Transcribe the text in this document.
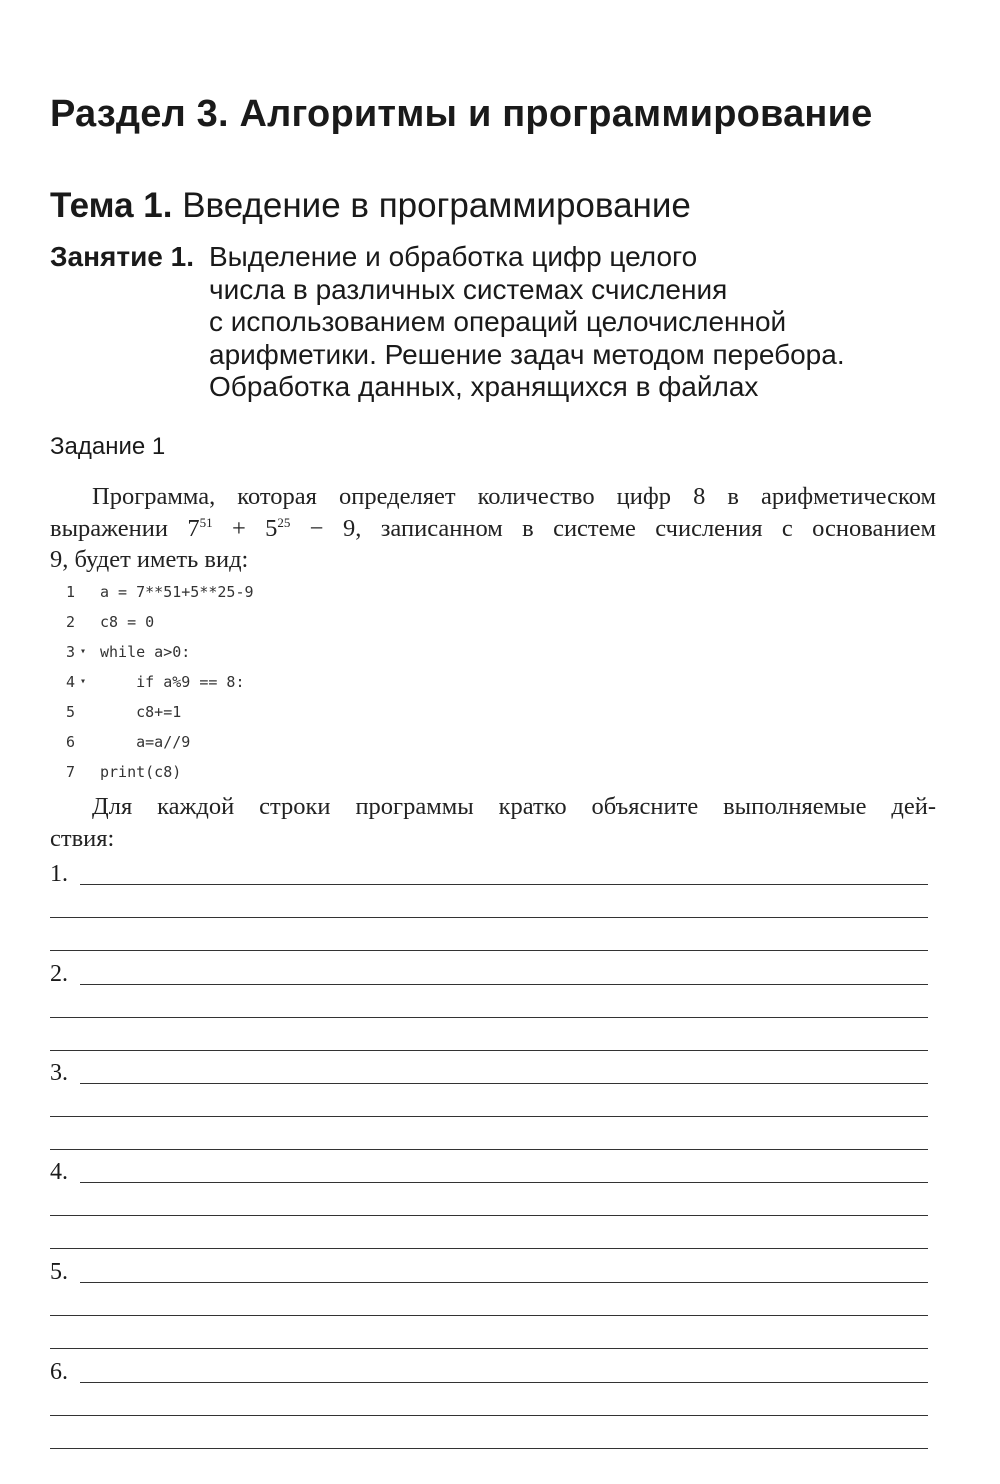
Раздел 3. Алгоритмы и программирование
Тема 1. Введение в программирование
Занятие 1. Выделение и обработка цифр целого
числа в различных системах счисления
с использованием операций целочисленной
арифметики. Решение задач методом перебора.
Обработка данных, хранящихся в файлах
Задание 1
Программа, которая определяет количество цифр 8 в арифметическом
выражении $7^{51} + 5^{25} - 9$, записанном в системе счисления с основанием
9, будет иметь вид:
1 a = 7**51+5**25-9
2 c8 = 0
3 ▾ while a>0:
4 ▾ if a%9 == 8:
5
c8+=1
6
a=a//9
7 print(c8)
Для каждой строки программы кратко объясните выполняемые дей-
ствия:
1.
2.
3.
4.
5.
6.
